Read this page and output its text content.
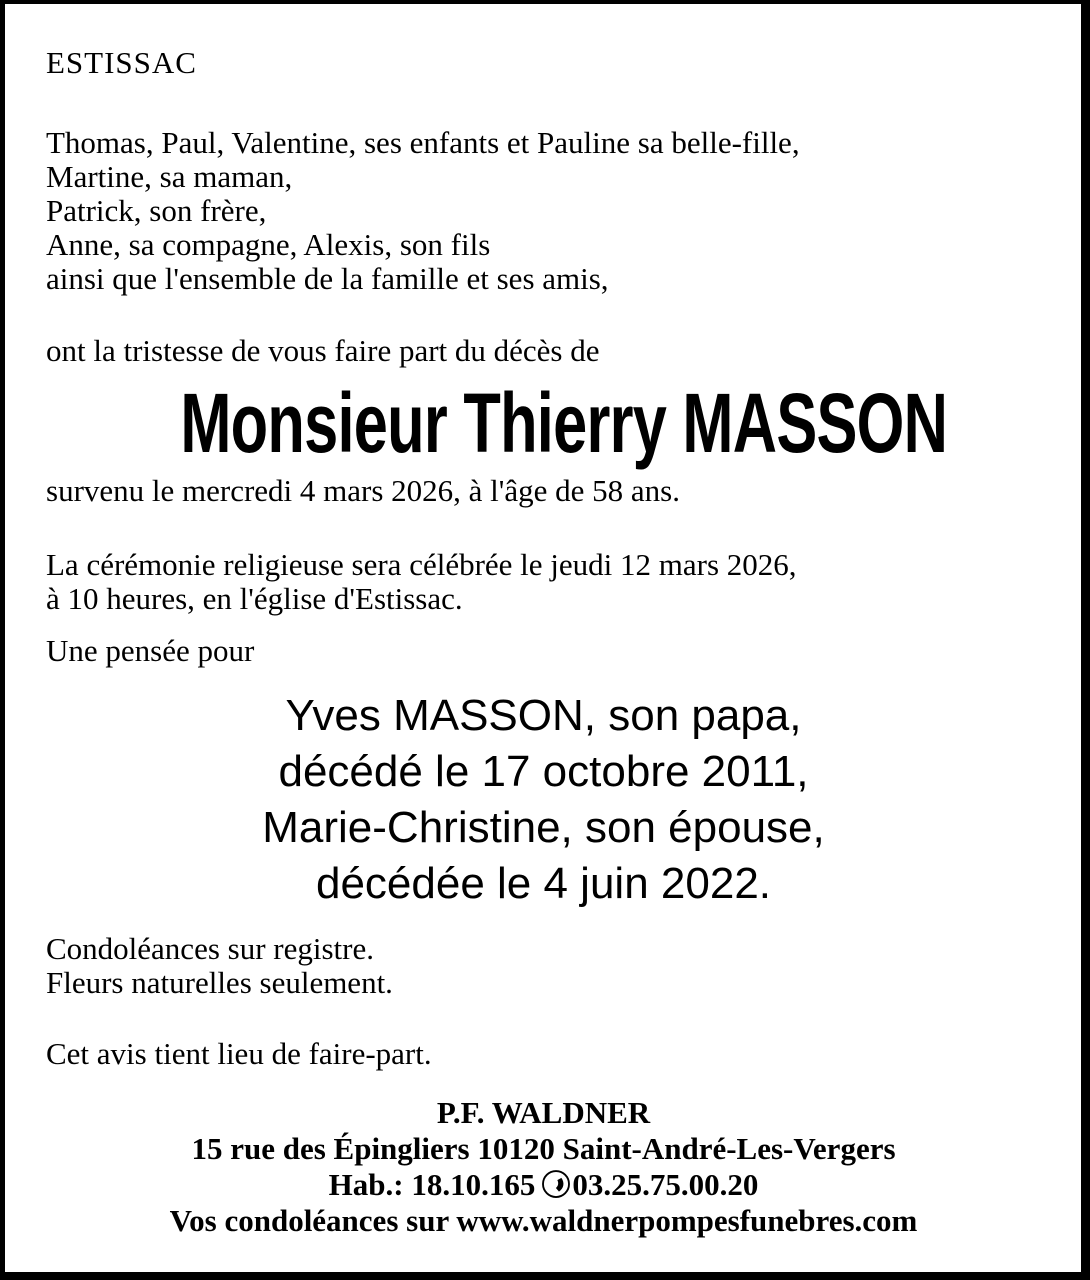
ESTISSAC
Thomas, Paul, Valentine, ses enfants et Pauline sa belle-fille,
Martine, sa maman,
Patrick, son frère,
Anne, sa compagne, Alexis, son fils
ainsi que l'ensemble de la famille et ses amis,
ont la tristesse de vous faire part du décès de
Monsieur Thierry MASSON
survenu le mercredi 4 mars 2026, à l'âge de 58 ans.
La cérémonie religieuse sera célébrée le jeudi 12 mars 2026,
à 10 heures, en l'église d'Estissac.
Une pensée pour
Yves MASSON, son papa,
décédé le 17 octobre 2011,
Marie-Christine, son épouse,
décédée le 4 juin 2022.
Condoléances sur registre.
Fleurs naturelles seulement.
Cet avis tient lieu de faire-part.
P.F. WALDNER
15 rue des Épingliers 10120 Saint-André-Les-Vergers
Hab.: 18.10.165 03.25.75.00.20
Vos condoléances sur www.waldnerpompesfunebres.com
